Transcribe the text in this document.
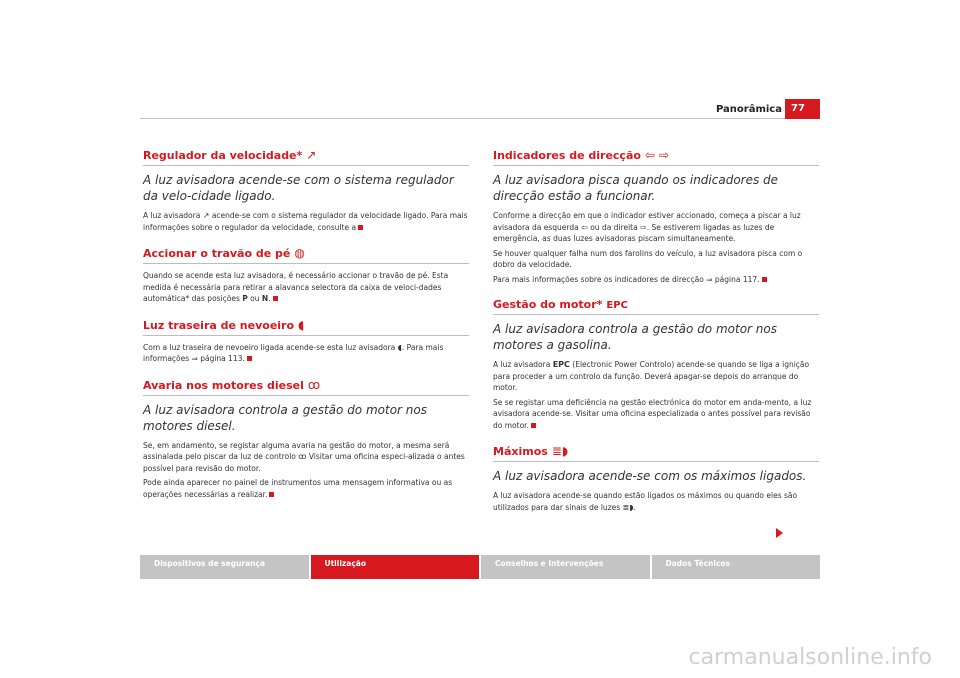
Panorâmica 77
Regulador da velocidade* ↗

A luz avisadora acende-se com o sistema regulador da velo-cidade ligado.

A luz avisadora ↗ acende-se com o sistema regulador da velocidade ligado. Para mais informações sobre o regulador da velocidade, consulte a

Accionar o travão de pé ◍

Quando se acende esta luz avisadora, é necessário accionar o travão de pé. Esta medida é necessária para retirar a alavanca selectora da caixa de veloci-dades automática* das posições P ou N.

Luz traseira de nevoeiro ◖

Com a luz traseira de nevoeiro ligada acende-se esta luz avisadora ◖. Para mais informações ⇒ página 113.

Avaria nos motores diesel ꝏ

A luz avisadora controla a gestão do motor nos motores diesel.

Se, em andamento, se registar alguma avaria na gestão do motor, a mesma será assinalada pelo piscar da luz de controlo ꝏ Visitar uma oficina especi-alizada o antes possível para revisão do motor.

Pode ainda aparecer no painel de instrumentos uma mensagem informativa ou as operações necessárias a realizar.

Indicadores de direcção ⇦ ⇨

A luz avisadora pisca quando os indicadores de direcção estão a funcionar.

Conforme a direcção em que o indicador estiver accionado, começa a piscar a luz avisadora da esquerda ⇦ ou da direita ⇨. Se estiverem ligadas as luzes de emergência, as duas luzes avisadoras piscam simultaneamente.

Se houver qualquer falha num dos farolins do veículo, a luz avisadora pisca com o dobro da velocidade.

Para mais informações sobre os indicadores de direcção ⇒ página 117.

Gestão do motor* EPC

A luz avisadora controla a gestão do motor nos motores a gasolina.

A luz avisadora EPC (Electronic Power Controlo) acende-se quando se liga a ignição para proceder a um controlo da função. Deverá apagar-se depois do arranque do motor.

Se se registar uma deficiência na gestão electrónica do motor em anda-mento, a luz avisadora acende-se. Visitar uma oficina especializada o antes possível para revisão do motor.

Máximos ≣◗

A luz avisadora acende-se com os máximos ligados.

A luz avisadora acende-se quando estão ligados os máximos ou quando eles são utilizados para dar sinais de luzes ≣◗.

Dispositivos de segurança	Utilização	Conselhos e Intervenções	Dados Técnicos
carmanualsonline.info
